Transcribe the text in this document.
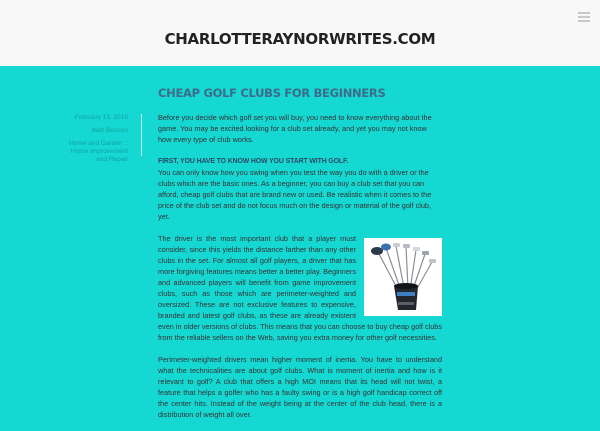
CHARLOTTERAYNORWRITES.COM
February 13, 2015
Matt Beeson
Home and Garden :: Home Improvement and Repair
CHEAP GOLF CLUBS FOR BEGINNERS

Before you decide which golf set you will buy, you need to know everything about the game. You may be excited looking for a club set already, and yet you may not know how every type of club works.

FIRST, YOU HAVE TO KNOW HOW YOU START WITH GOLF.

You can only know how you swing when you test the way you do with a driver or the clubs which are the basic ones. As a beginner, you can buy a club set that you can afford, cheap golf clubs that are brand new or used. Be realistic when it comes to the price of the club set and do not focus much on the design or material of the golf club, yet.

The driver is the most important club that a player must consider, since this yields the distance farther than any other clubs in the set. For almost all golf players, a driver that has more forgiving features means better a better play. Beginners and advanced players will benefit from game improvement clubs, such as those which are perimeter-weighted and oversized. These are not exclusive features to expensive, branded and latest golf clubs, as these are already existent even in older versions of clubs. This means that you can choose to buy cheap golf clubs from the reliable sellers on the Web, saving you extra money for other golf necessities.

Perimeter-weighted drivers mean higher moment of inertia. You have to understand what the technicalities are about golf clubs. What is moment of inertia and how is it relevant to golf? A club that offers a high MOI means that its head will not twist, a feature that helps a golfer who has a faulty swing or is a high golf handicap correct off the center hits. Instead of the weight being at the center of the club head, there is a distribution of weight all over.
